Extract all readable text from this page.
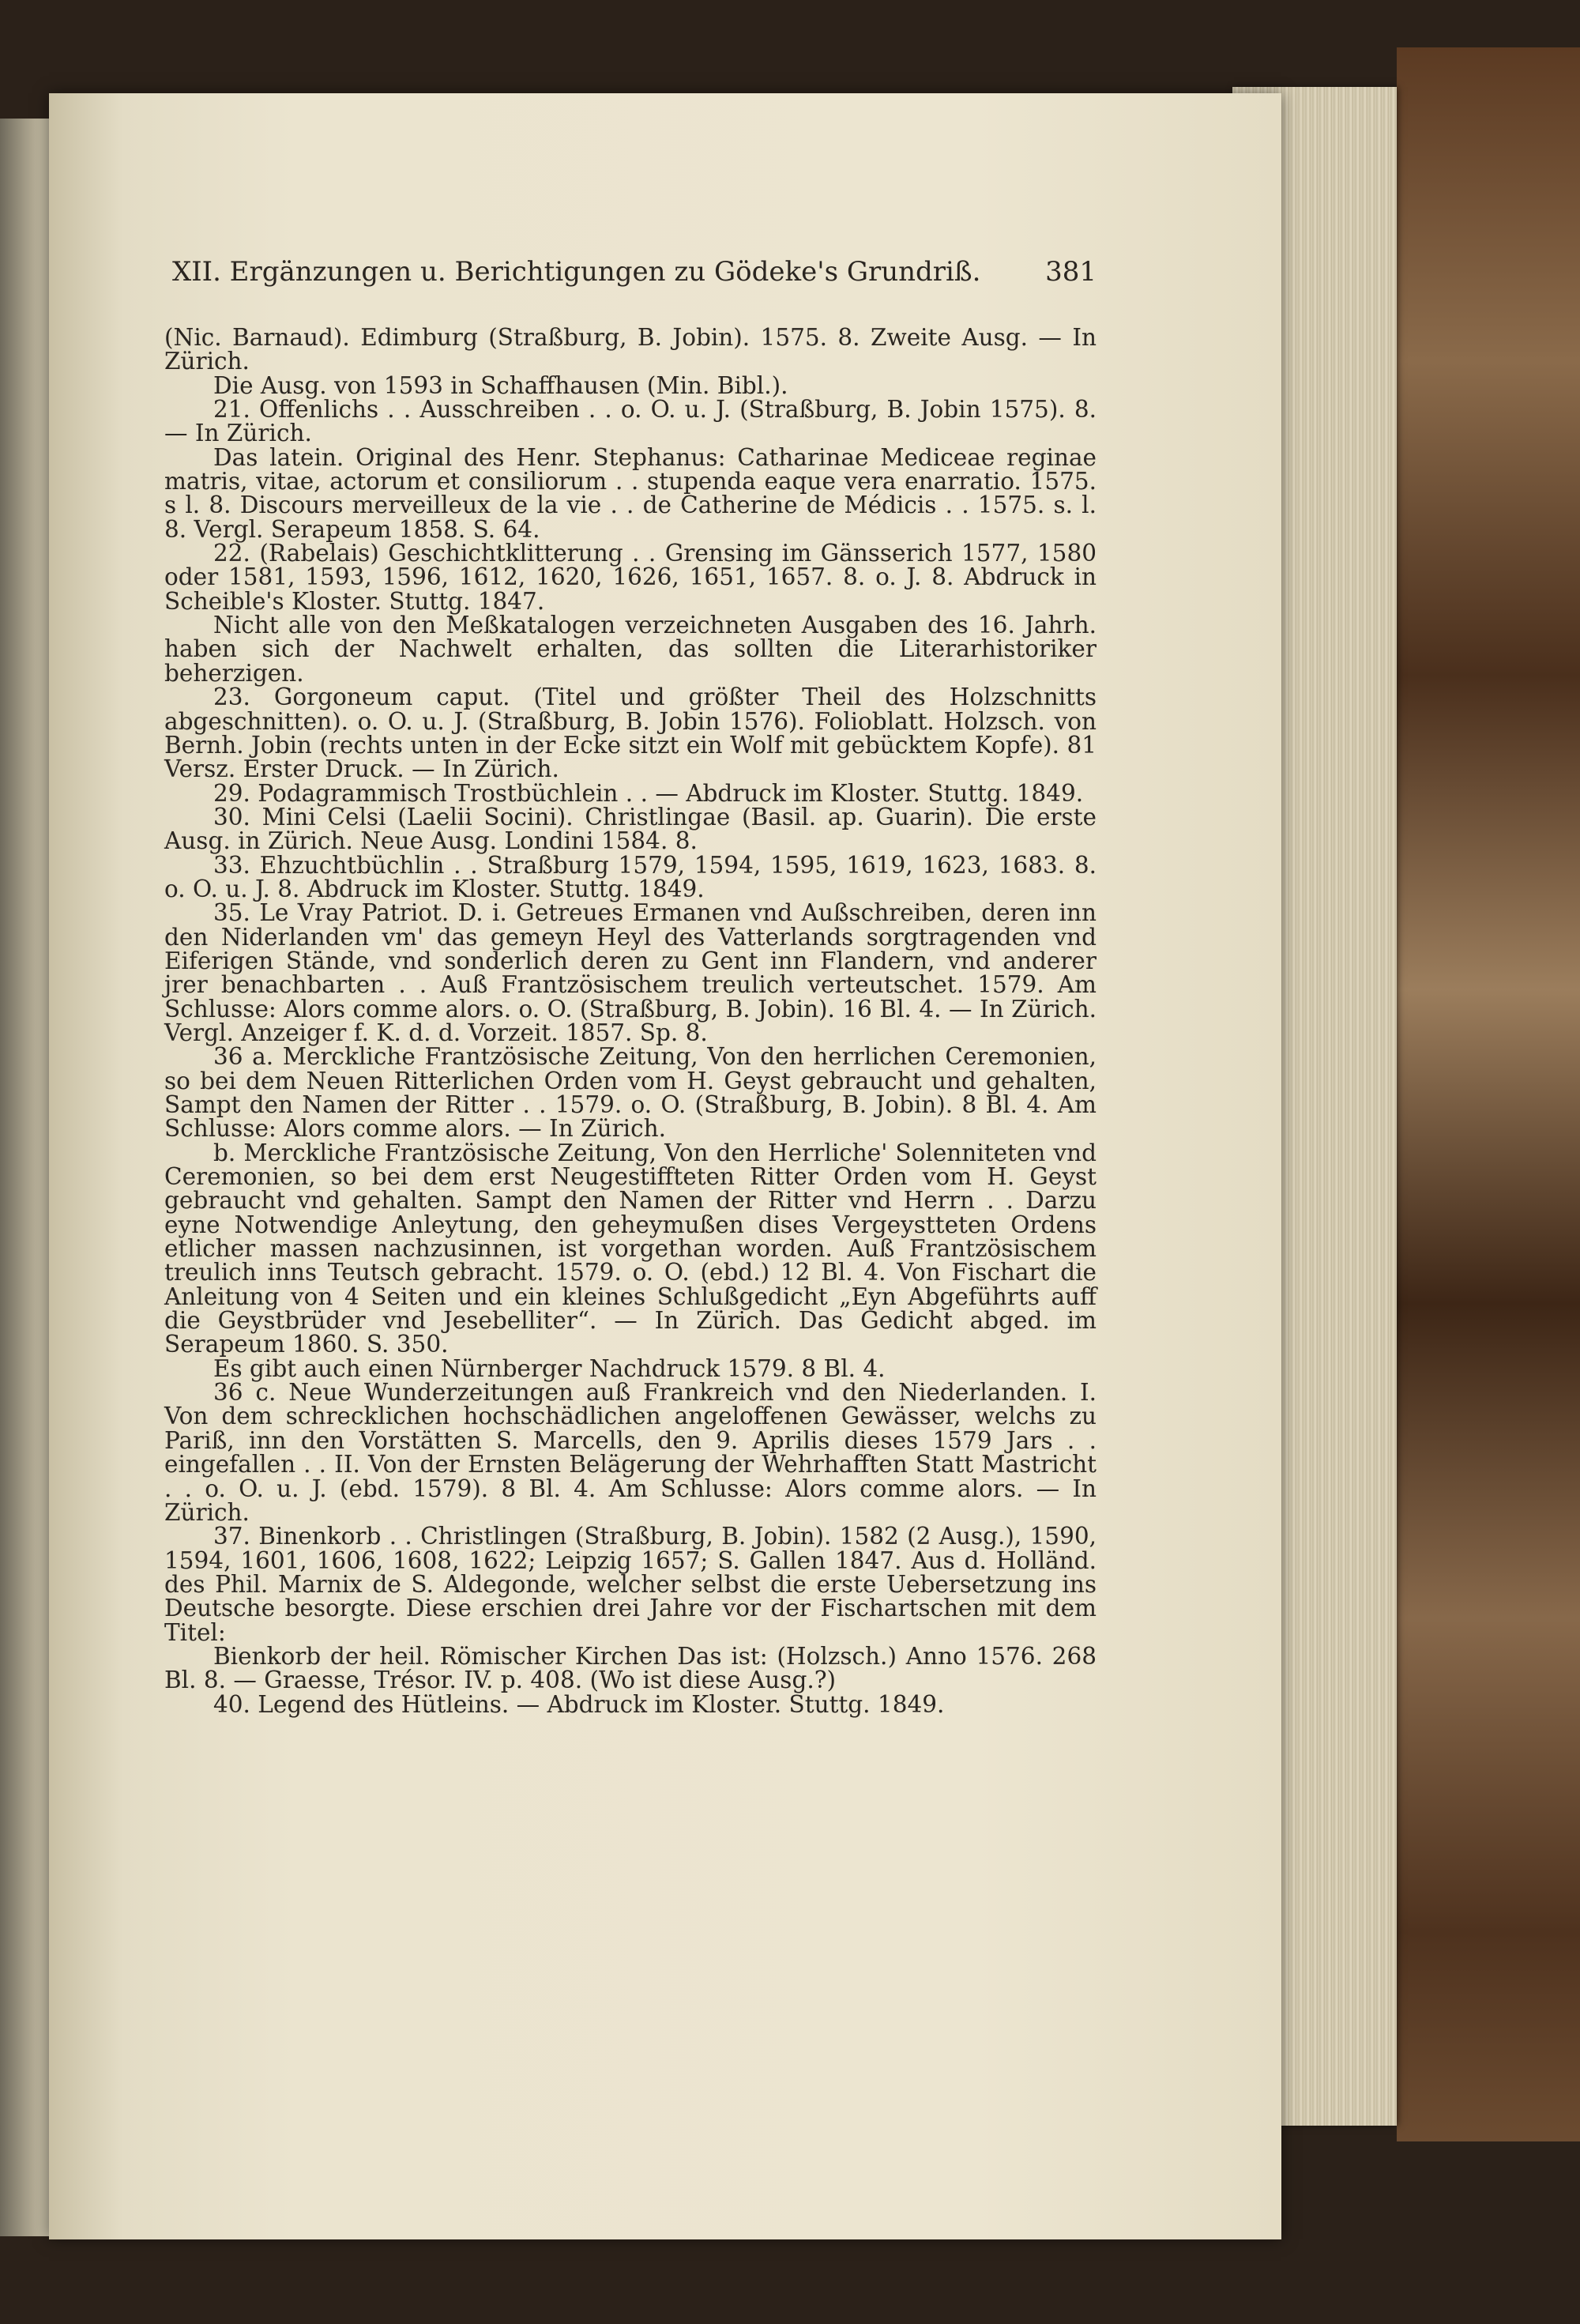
XII. Ergänzungen u. Berichtigungen zu Gödeke's Grundriß. 381

(Nic. Barnaud). Edimburg (Straßburg, B. Jobin). 1575. 8. Zweite Ausg. — In Zürich.

Die Ausg. von 1593 in Schaffhausen (Min. Bibl.).

21. Offenlichs . . Ausschreiben . . o. O. u. J. (Straßburg, B. Jobin 1575). 8. — In Zürich.

Das latein. Original des Henr. Stephanus: Catharinae Mediceae reginae matris, vitae, actorum et consiliorum . . stupenda eaque vera enarratio. 1575. s l. 8. Discours merveilleux de la vie . . de Catherine de Médicis . . 1575. s. l. 8. Vergl. Serapeum 1858. S. 64.

22. (Rabelais) Geschichtklitterung . . Grensing im Gänsserich 1577, 1580 oder 1581, 1593, 1596, 1612, 1620, 1626, 1651, 1657. 8. o. J. 8. Abdruck in Scheible's Kloster. Stuttg. 1847.

Nicht alle von den Meßkatalogen verzeichneten Ausgaben des 16. Jahrh. haben sich der Nachwelt erhalten, das sollten die Literarhistoriker beherzigen.

23. Gorgoneum caput. (Titel und größter Theil des Holzschnitts abgeschnitten). o. O. u. J. (Straßburg, B. Jobin 1576). Folioblatt. Holzsch. von Bernh. Jobin (rechts unten in der Ecke sitzt ein Wolf mit gebücktem Kopfe). 81 Versz. Erster Druck. — In Zürich.

29. Podagrammisch Trostbüchlein . . — Abdruck im Kloster. Stuttg. 1849.

30. Mini Celsi (Laelii Socini). Christlingae (Basil. ap. Guarin). Die erste Ausg. in Zürich. Neue Ausg. Londini 1584. 8.

33. Ehzuchtbüchlin . . Straßburg 1579, 1594, 1595, 1619, 1623, 1683. 8. o. O. u. J. 8. Abdruck im Kloster. Stuttg. 1849.

35. Le Vray Patriot. D. i. Getreues Ermanen vnd Außschreiben, deren inn den Niderlanden vm' das gemeyn Heyl des Vatterlands sorgtragenden vnd Eiferigen Stände, vnd sonderlich deren zu Gent inn Flandern, vnd anderer jrer benachbarten . . Auß Frantzösischem treulich verteutschet. 1579. Am Schlusse: Alors comme alors. o. O. (Straßburg, B. Jobin). 16 Bl. 4. — In Zürich. Vergl. Anzeiger f. K. d. d. Vorzeit. 1857. Sp. 8.

36 a. Merckliche Frantzösische Zeitung, Von den herrlichen Ceremonien, so bei dem Neuen Ritterlichen Orden vom H. Geyst gebraucht und gehalten, Sampt den Namen der Ritter . . 1579. o. O. (Straßburg, B. Jobin). 8 Bl. 4. Am Schlusse: Alors comme alors. — In Zürich.

b. Merckliche Frantzösische Zeitung, Von den Herrliche' Solenniteten vnd Ceremonien, so bei dem erst Neugestiffteten Ritter Orden vom H. Geyst gebraucht vnd gehalten. Sampt den Namen der Ritter vnd Herrn . . Darzu eyne Notwendige Anleytung, den geheymußen dises Vergeystteten Ordens etlicher massen nachzusinnen, ist vorgethan worden. Auß Frantzösischem treulich inns Teutsch gebracht. 1579. o. O. (ebd.) 12 Bl. 4. Von Fischart die Anleitung von 4 Seiten und ein kleines Schlußgedicht „Eyn Abgeführts auff die Geystbrüder vnd Jesebelliter“. — In Zürich. Das Gedicht abged. im Serapeum 1860. S. 350.

Es gibt auch einen Nürnberger Nachdruck 1579. 8 Bl. 4.

36 c. Neue Wunderzeitungen auß Frankreich vnd den Niederlanden. I. Von dem schrecklichen hochschädlichen angeloffenen Gewässer, welchs zu Pariß, inn den Vorstätten S. Marcells, den 9. Aprilis dieses 1579 Jars . . eingefallen . . II. Von der Ernsten Belägerung der Wehrhafften Statt Mastricht . . o. O. u. J. (ebd. 1579). 8 Bl. 4. Am Schlusse: Alors comme alors. — In Zürich.

37. Binenkorb . . Christlingen (Straßburg, B. Jobin). 1582 (2 Ausg.), 1590, 1594, 1601, 1606, 1608, 1622; Leipzig 1657; S. Gallen 1847. Aus d. Holländ. des Phil. Marnix de S. Aldegonde, welcher selbst die erste Uebersetzung ins Deutsche besorgte. Diese erschien drei Jahre vor der Fischartschen mit dem Titel:

Bienkorb der heil. Römischer Kirchen Das ist: (Holzsch.) Anno 1576. 268 Bl. 8. — Graesse, Trésor. IV. p. 408. (Wo ist diese Ausg.?)

40. Legend des Hütleins. — Abdruck im Kloster. Stuttg. 1849.
